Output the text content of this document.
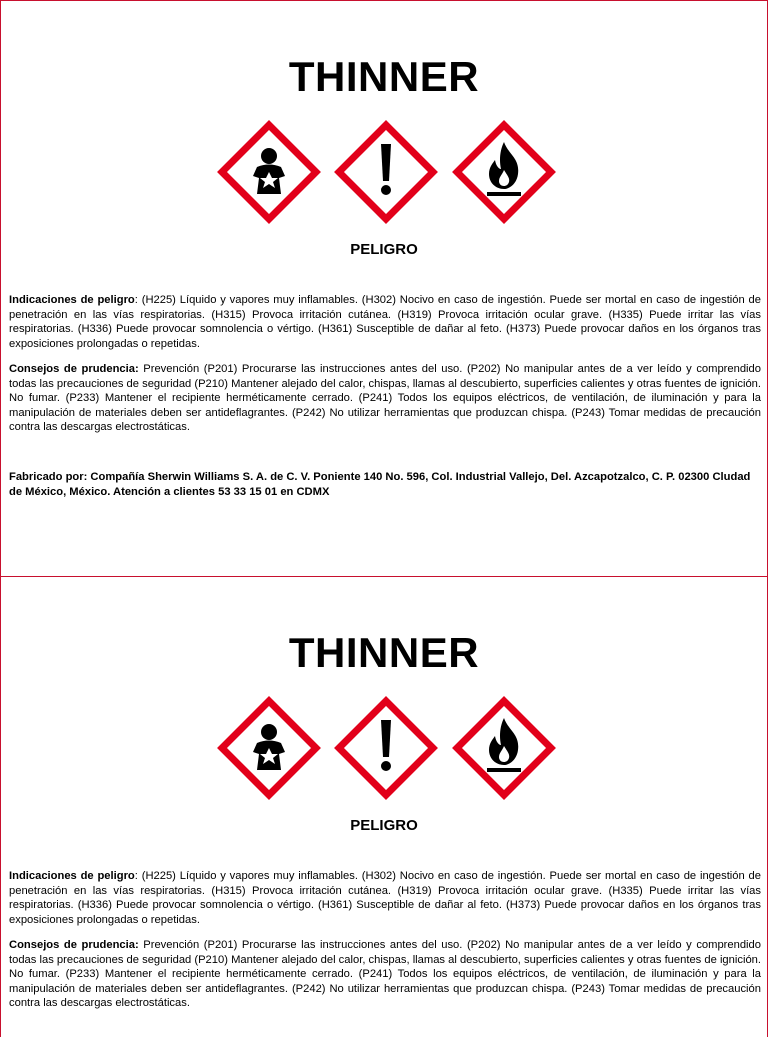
THINNER
PELIGRO
Indicaciones de peligro: (H225) Líquido y vapores muy inflamables. (H302) Nocivo en caso de ingestión. Puede ser mortal en caso de ingestión de penetración en las vías respiratorias. (H315) Provoca irritación cutánea. (H319) Provoca irritación ocular grave. (H335) Puede irritar las vías respiratorias. (H336) Puede provocar somnolencia o vértigo. (H361) Susceptible de dañar al feto. (H373) Puede provocar daños en los órganos tras exposiciones prolongadas o repetidas.
Consejos de prudencia: Prevención (P201) Procurarse las instrucciones antes del uso. (P202) No manipular antes de a ver leído y comprendido todas las precauciones de seguridad (P210) Mantener alejado del calor, chispas, llamas al descubierto, superficies calientes y otras fuentes de ignición. No fumar. (P233) Mantener el recipiente herméticamente cerrado. (P241) Todos los equipos eléctricos, de ventilación, de iluminación y para la manipulación de materiales deben ser antideflagrantes. (P242) No utilizar herramientas que produzcan chispa. (P243) Tomar medidas de precaución contra las descargas electrostáticas.
Fabricado por: Compañía Sherwin Williams S. A. de C. V. Poniente 140 No. 596, Col. Industrial Vallejo, Del. Azcapotzalco, C. P. 02300 Cludad de México, México. Atención a clientes 53 33 15 01 en CDMX
THINNER
PELIGRO
Indicaciones de peligro: (H225) Líquido y vapores muy inflamables. (H302) Nocivo en caso de ingestión. Puede ser mortal en caso de ingestión de penetración en las vías respiratorias. (H315) Provoca irritación cutánea. (H319) Provoca irritación ocular grave. (H335) Puede irritar las vías respiratorias. (H336) Puede provocar somnolencia o vértigo. (H361) Susceptible de dañar al feto. (H373) Puede provocar daños en los órganos tras exposiciones prolongadas o repetidas.
Consejos de prudencia: Prevención (P201) Procurarse las instrucciones antes del uso. (P202) No manipular antes de a ver leído y comprendido todas las precauciones de seguridad (P210) Mantener alejado del calor, chispas, llamas al descubierto, superficies calientes y otras fuentes de ignición. No fumar. (P233) Mantener el recipiente herméticamente cerrado. (P241) Todos los equipos eléctricos, de ventilación, de iluminación y para la manipulación de materiales deben ser antideflagrantes. (P242) No utilizar herramientas que produzcan chispa. (P243) Tomar medidas de precaución contra las descargas electrostáticas.
